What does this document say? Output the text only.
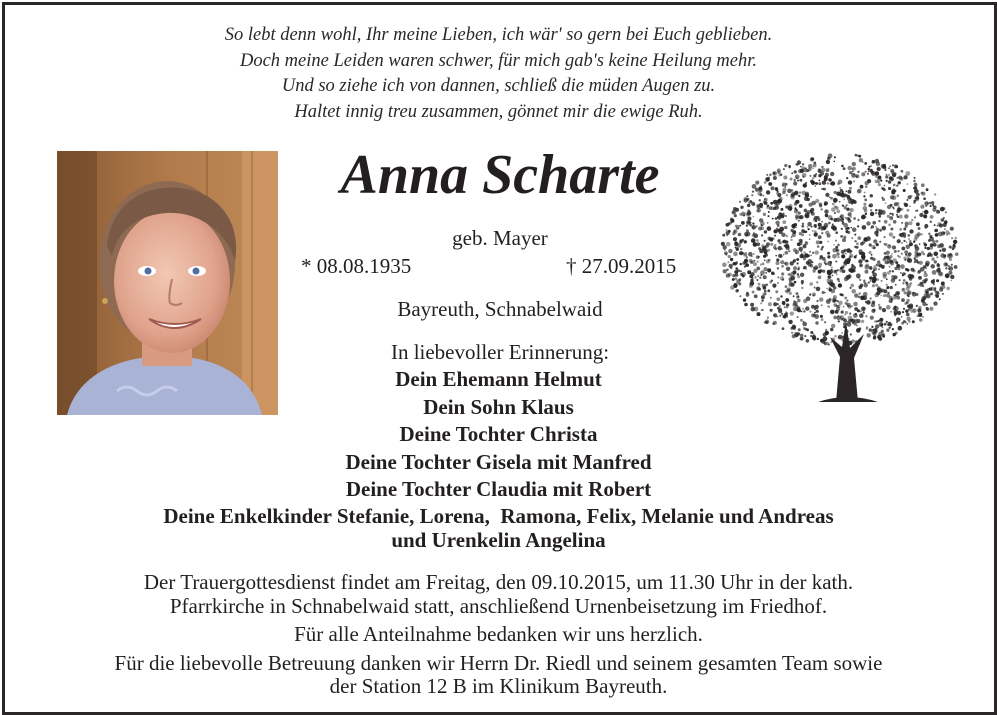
So lebt denn wohl, Ihr meine Lieben, ich wär' so gern bei Euch geblieben.
Doch meine Leiden waren schwer, für mich gab's keine Heilung mehr.
Und so ziehe ich von dannen, schließ die müden Augen zu.
Haltet innig treu zusammen, gönnet mir die ewige Ruh.
Anna Scharte
geb. Mayer
* 08.08.1935	† 27.09.2015
Bayreuth, Schnabelwaid
In liebevoller Erinnerung:
Dein Ehemann Helmut
Dein Sohn Klaus
Deine Tochter Christa
Deine Tochter Gisela mit Manfred
Deine Tochter Claudia mit Robert
Deine Enkelkinder Stefanie, Lorena,  Ramona, Felix, Melanie und Andreas
und Urenkelin Angelina

Der Trauergottesdienst findet am Freitag, den 09.10.2015, um 11.30 Uhr in der kath.

Pfarrkirche in Schnabelwaid statt, anschließend Urnenbeisetzung im Friedhof.

Für alle Anteilnahme bedanken wir uns herzlich.

Für die liebevolle Betreuung danken wir Herrn Dr. Riedl und seinem gesamten Team sowie

der Station 12 B im Klinikum Bayreuth.
